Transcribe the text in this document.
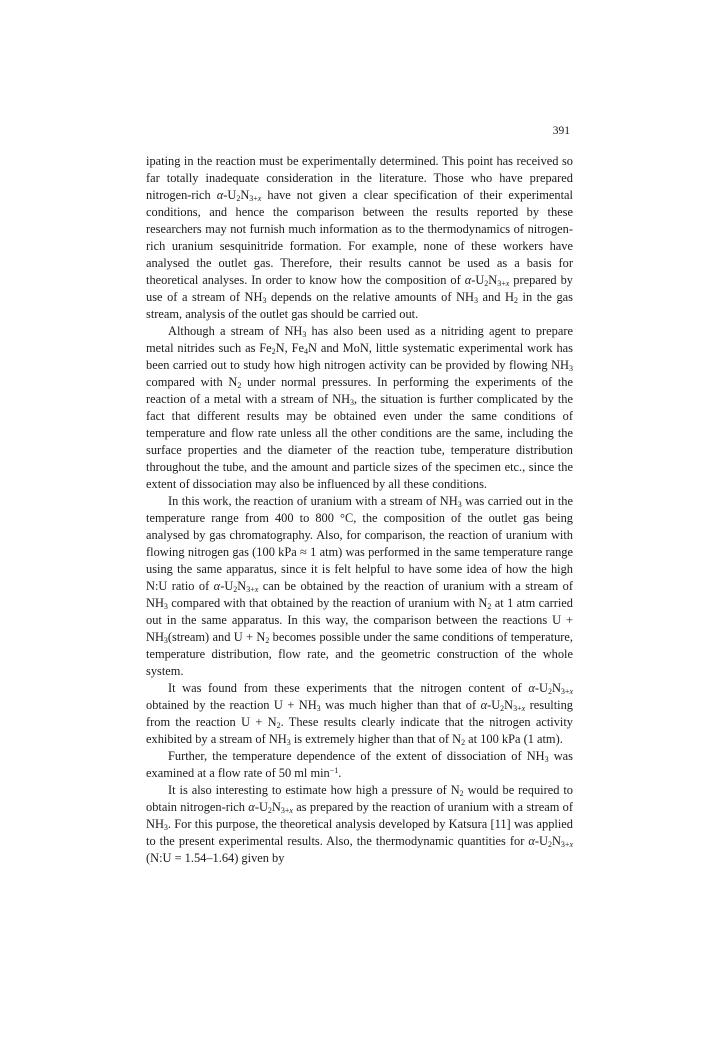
391

ipating in the reaction must be experimentally determined. This point has received so far totally inadequate consideration in the literature. Those who have prepared nitrogen-rich $\alpha-U_2N_{3+x}$ have not given a clear specification of their experimental conditions, and hence the comparison between the results reported by these researchers may not furnish much information as to the thermodynamics of nitrogen-rich uranium sesquinitride formation. For example, none of these workers have analysed the outlet gas. Therefore, their results cannot be used as a basis for theoretical analyses. In order to know how the composition of $\alpha-U_2N_{3+x}$ prepared by use of a stream of $NH_3$ depends on the relative amounts of $NH_3$ and $H_2$ in the gas stream, analysis of the outlet gas should be carried out.

Although a stream of $NH_3$ has also been used as a nitriding agent to prepare metal nitrides such as $Fe_2N$, $Fe_4N$ and MoN, little systematic experimental work has been carried out to study how high nitrogen activity can be provided by flowing $NH_3$ compared with $N_2$ under normal pressures. In performing the experiments of the reaction of a metal with a stream of $NH_3$, the situation is further complicated by the fact that different results may be obtained even under the same conditions of temperature and flow rate unless all the other conditions are the same, including the surface properties and the diameter of the reaction tube, temperature distribution throughout the tube, and the amount and particle sizes of the specimen etc., since the extent of dissociation may also be influenced by all these conditions.

In this work, the reaction of uranium with a stream of $NH_3$ was carried out in the temperature range from 400 to 800 °C, the composition of the outlet gas being analysed by gas chromatography. Also, for comparison, the reaction of uranium with flowing nitrogen gas (100 kPa ≈ 1 atm) was performed in the same temperature range using the same apparatus, since it is felt helpful to have some idea of how the high N:U ratio of $\alpha-U_2N_{3+x}$ can be obtained by the reaction of uranium with a stream of $NH_3$ compared with that obtained by the reaction of uranium with $N_2$ at 1 atm carried out in the same apparatus. In this way, the comparison between the reactions $U + NH_3(stream)$ and $U + N_2$ becomes possible under the same conditions of temperature, temperature distribution, flow rate, and the geometric construction of the whole system.

It was found from these experiments that the nitrogen content of $\alpha-U_2N_{3+x}$ obtained by the reaction $U + NH_3$ was much higher than that of $\alpha-U_2N_{3+x}$ resulting from the reaction $U + N_2$. These results clearly indicate that the nitrogen activity exhibited by a stream of $NH_3$ is extremely higher than that of $N_2$ at 100 kPa (1 atm).

Further, the temperature dependence of the extent of dissociation of $NH_3$ was examined at a flow rate of 50 ml $\min^{-1}$.

It is also interesting to estimate how high a pressure of $N_2$ would be required to obtain nitrogen-rich $\alpha-U_2N_{3+x}$ as prepared by the reaction of uranium with a stream of $NH_3$. For this purpose, the theoretical analysis developed by Katsura [11] was applied to the present experimental results. Also, the thermodynamic quantities for $\alpha-U_2N_{3+x}$ (N:U = 1.54–1.64) given by
